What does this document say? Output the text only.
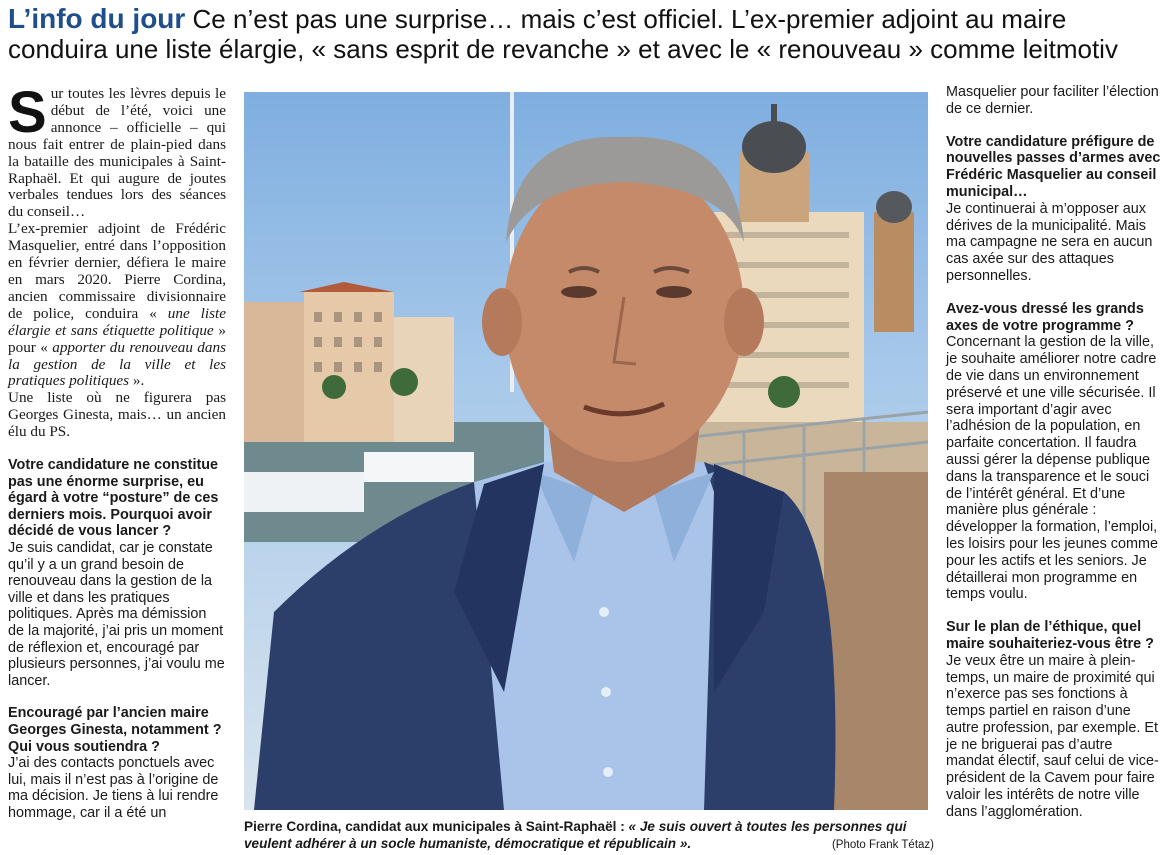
L’info du jour Ce n’est pas une surprise… mais c’est officiel. L’ex-premier adjoint au maire conduira une liste élargie, « sans esprit de revanche » et avec le « renouveau » comme leitmotiv

Sur toutes les lèvres depuis le début de l’été, voici une annonce – officielle – qui nous fait entrer de plain-pied dans la bataille des municipales à Saint-Raphaël. Et qui augure de joutes verbales tendues lors des séances du conseil…

L’ex-premier adjoint de Frédéric Masquelier, entré dans l’opposition en février dernier, défiera le maire en mars 2020. Pierre Cordina, ancien commissaire divisionnaire de police, conduira « une liste élargie et sans étiquette politique » pour « apporter du renouveau dans la gestion de la ville et les pratiques politiques ».

Une liste où ne figurera pas Georges Ginesta, mais… un ancien élu du PS.

Votre candidature ne constitue pas une énorme surprise, eu égard à votre “posture” de ces derniers mois. Pourquoi avoir décidé de vous lancer ?
Je suis candidat, car je constate qu’il y a un grand besoin de renouveau dans la gestion de la ville et dans les pratiques politiques. Après ma démission de la majorité, j’ai pris un moment de réflexion et, encouragé par plusieurs personnes, j’ai voulu me lancer.
Encouragé par l’ancien maire Georges Ginesta, notamment ? Qui vous soutiendra ?
J’ai des contacts ponctuels avec lui, mais il n’est pas à l’origine de ma décision. Je tiens à lui rendre hommage, car il a été un
Pierre Cordina, candidat aux municipales à Saint-Raphaël : « Je suis ouvert à toutes les personnes qui veulent adhérer à un socle humaniste, démocratique et républicain ».	(Photo Frank Tétaz)
Masquelier pour faciliter l’élection de ce dernier.
Votre candidature préfigure de nouvelles passes d’armes avec Frédéric Masquelier au conseil municipal…
Je continuerai à m’opposer aux dérives de la municipalité. Mais ma campagne ne sera en aucun cas axée sur des attaques personnelles.
Avez-vous dressé les grands axes de votre programme ?
Concernant la gestion de la ville, je souhaite améliorer notre cadre de vie dans un environnement préservé et une ville sécurisée. Il sera important d’agir avec l’adhésion de la population, en parfaite concertation. Il faudra aussi gérer la dépense publique dans la transparence et le souci de l’intérêt général. Et d’une manière plus générale : développer la formation, l’emploi, les loisirs pour les jeunes comme pour les actifs et les seniors. Je détaillerai mon programme en temps voulu.
Sur le plan de l’éthique, quel maire souhaiteriez-vous être ?
Je veux être un maire à plein-temps, un maire de proximité qui n’exerce pas ses fonctions à temps partiel en raison d’une autre profession, par exemple. Et je ne briguerai pas d’autre mandat électif, sauf celui de vice-président de la Cavem pour faire valoir les intérêts de notre ville dans l’agglomération.
